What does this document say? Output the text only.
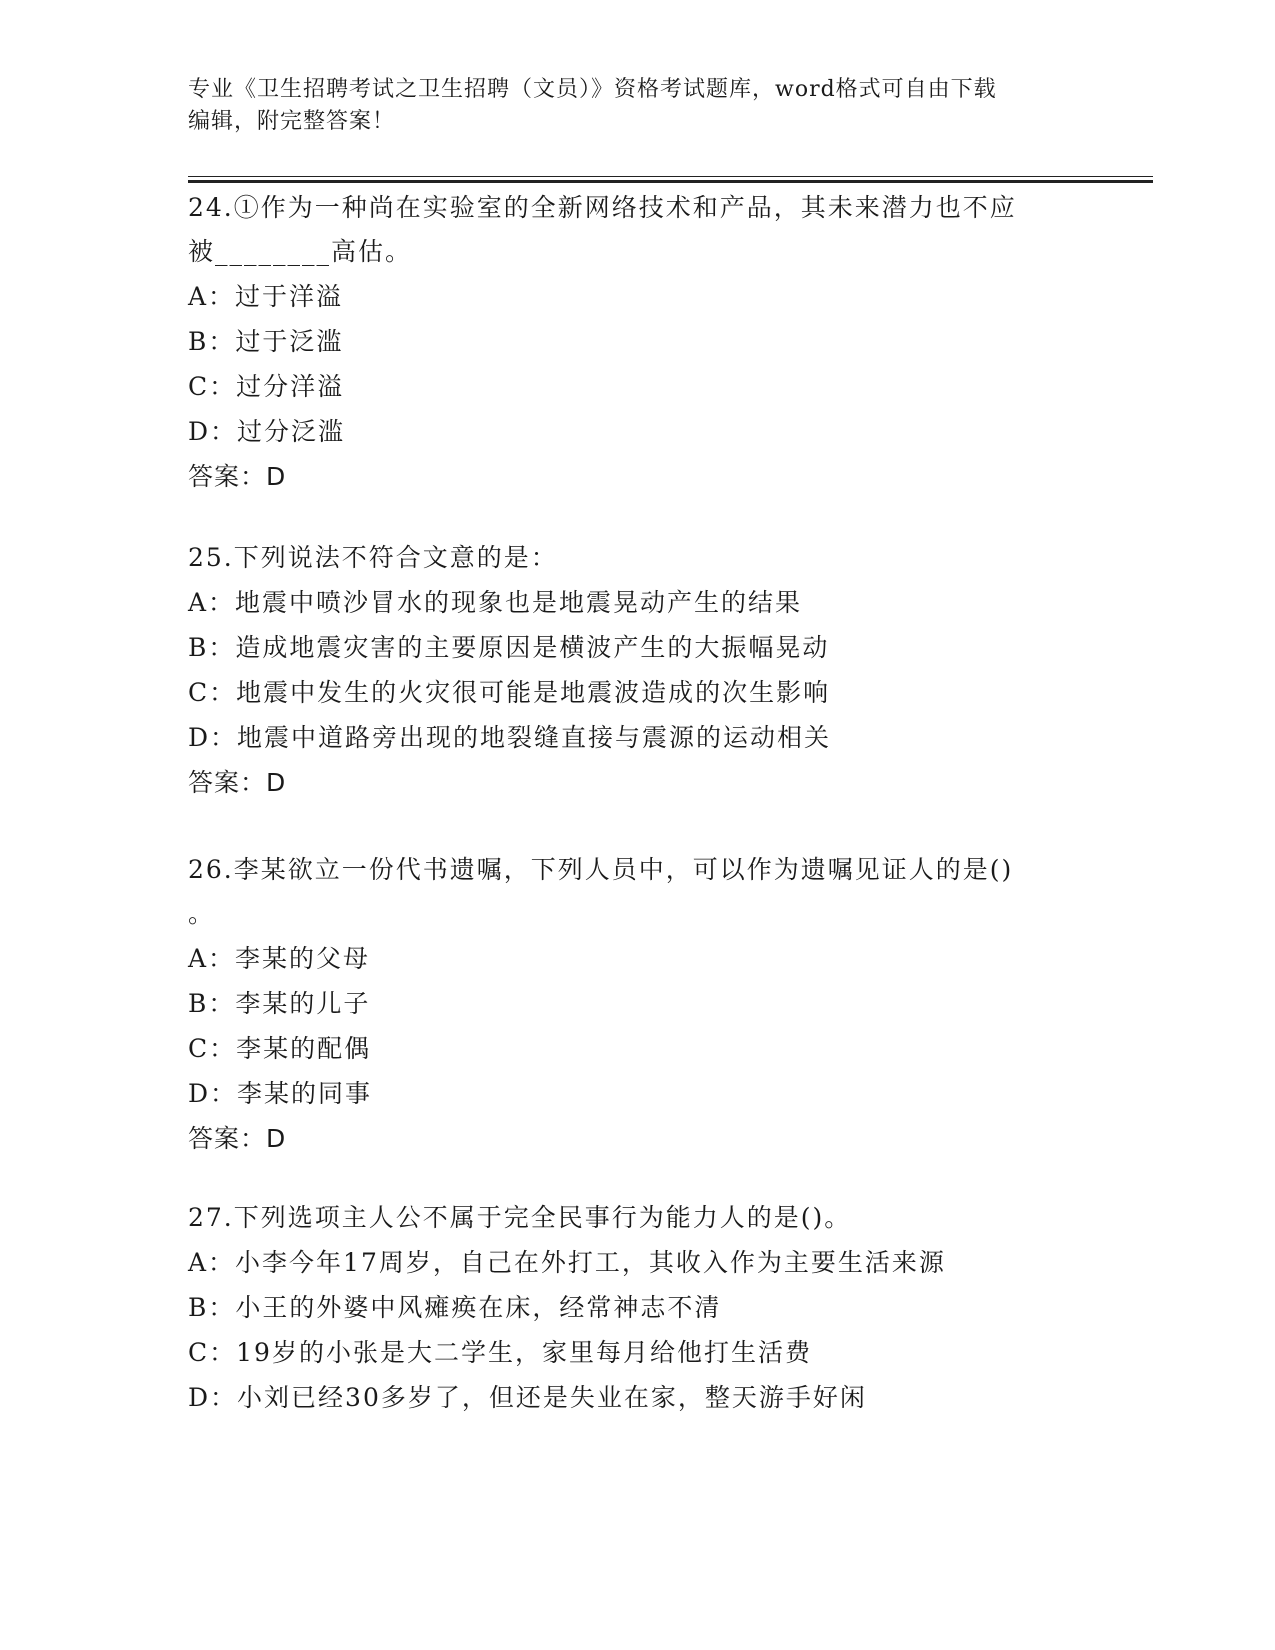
专业《卫生招聘考试之卫生招聘（文员）》资格考试题库，word格式可自由下载
编辑，附完整答案！
24.①作为一种尚在实验室的全新网络技术和产品，其未来潜力也不应
被________高估。
A：过于洋溢
B：过于泛滥
C：过分洋溢
D：过分泛滥
答案：D
25.下列说法不符合文意的是：
A：地震中喷沙冒水的现象也是地震晃动产生的结果
B：造成地震灾害的主要原因是横波产生的大振幅晃动
C：地震中发生的火灾很可能是地震波造成的次生影响
D：地震中道路旁出现的地裂缝直接与震源的运动相关
答案：D
26.李某欲立一份代书遗嘱，下列人员中，可以作为遗嘱见证人的是()
。
A：李某的父母
B：李某的儿子
C：李某的配偶
D：李某的同事
答案：D
27.下列选项主人公不属于完全民事行为能力人的是()。
A：小李今年17周岁，自己在外打工，其收入作为主要生活来源
B：小王的外婆中风瘫痪在床，经常神志不清
C：19岁的小张是大二学生，家里每月给他打生活费
D：小刘已经30多岁了，但还是失业在家，整天游手好闲
